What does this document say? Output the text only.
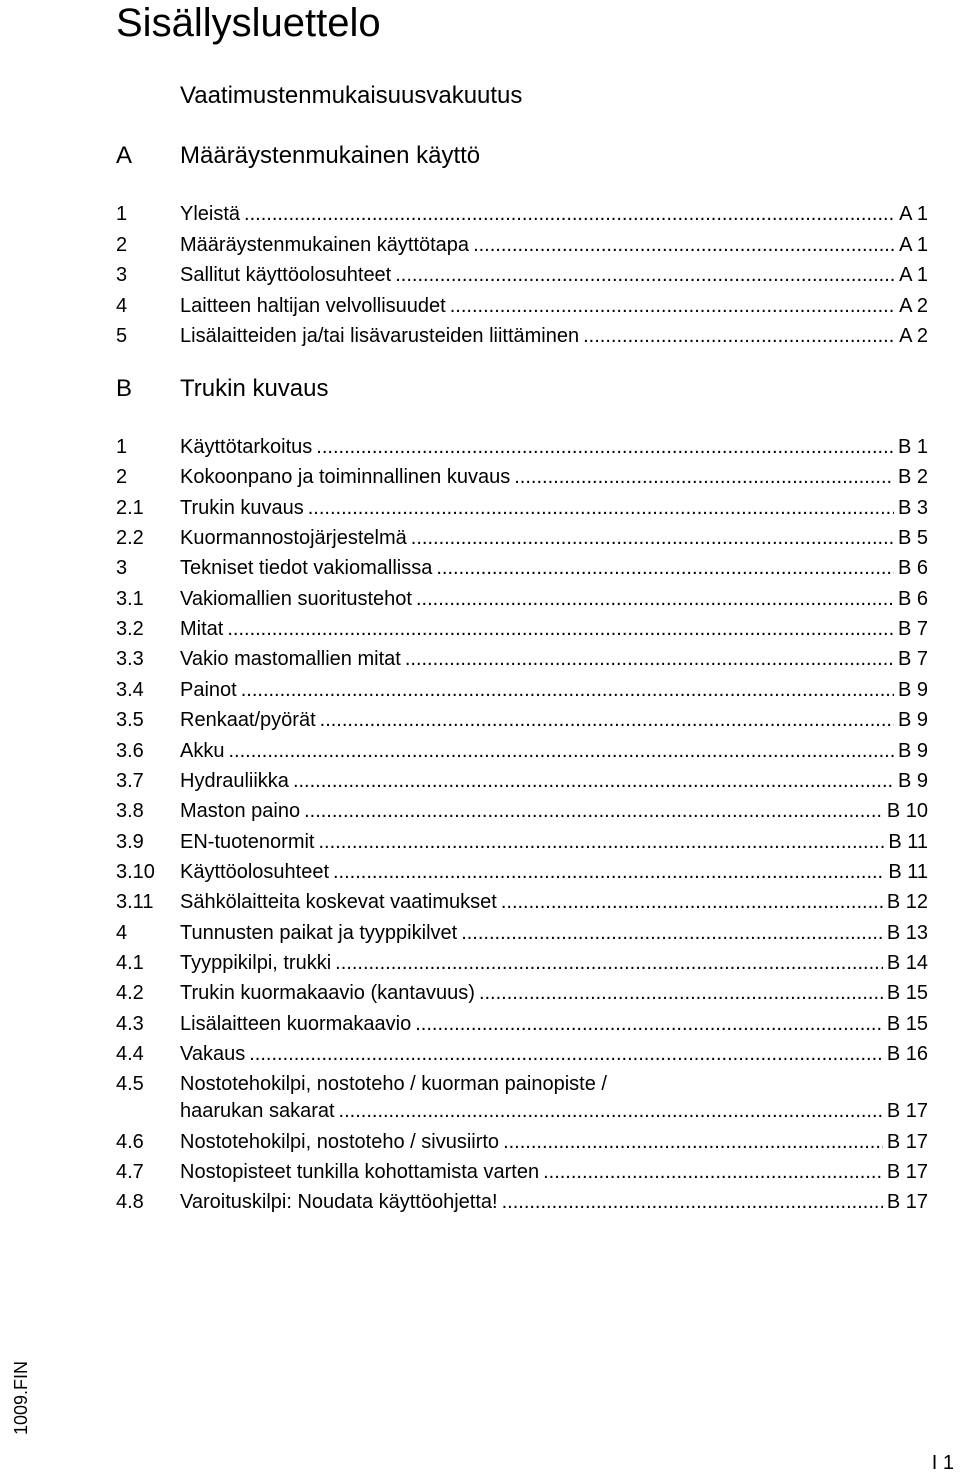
Sisällysluettelo
Vaatimustenmukaisuusvakuutus
A Määräystenmukainen käyttö
1	Yleistä .....	A 1
2	Määräystenmukainen käyttötapa .....	A 1
3	Sallitut käyttöolosuhteet .....	A 1
4	Laitteen haltijan velvollisuudet .....	A 2
5	Lisälaitteiden ja/tai lisävarusteiden liittäminen .....	A 2
B Trukin kuvaus
1	Käyttötarkoitus .....	B 1
2	Kokoonpano ja toiminnallinen kuvaus .....	B 2
2.1 Trukin kuvaus .....	B 3
2.2 Kuormannostojärjestelmä .....	B 5
3	Tekniset tiedot vakiomallissa .....	B 6
3.1 Vakiomallien suoritustehot .....	B 6
3.2 Mitat .....	B 7
3.3 Vakio mastomallien mitat .....	B 7
3.4 Painot .....	B 9
3.5 Renkaat/pyörät .....	B 9
3.6 Akku .....	B 9
3.7 Hydrauliikka .....	B 9
3.8 Maston paino .....	B 10
3.9 EN-tuotenormit .....	B 11
3.10 Käyttöolosuhteet .....	B 11
3.11 Sähkölaitteita koskevat vaatimukset .....	B 12
4	Tunnusten paikat ja tyyppikilvet .....	B 13
4.1 Tyyppikilpi, trukki .....	B 14
4.2 Trukin kuormakaavio (kantavuus) .....	B 15
4.3 Lisälaitteen kuormakaavio .....	B 15
4.4 Vakaus .....	B 16
4.5 Nostotehokilpi, nostoteho / kuorman painopiste /
haarukan sakarat .....	B 17
4.6 Nostotehokilpi, nostoteho / sivusiirto .....	B 17
4.7 Nostopisteet tunkilla kohottamista varten .....	B 17
4.8 Varoituskilpi: Noudata käyttöohjetta! .....	B 17
1009.FIN
I 1
